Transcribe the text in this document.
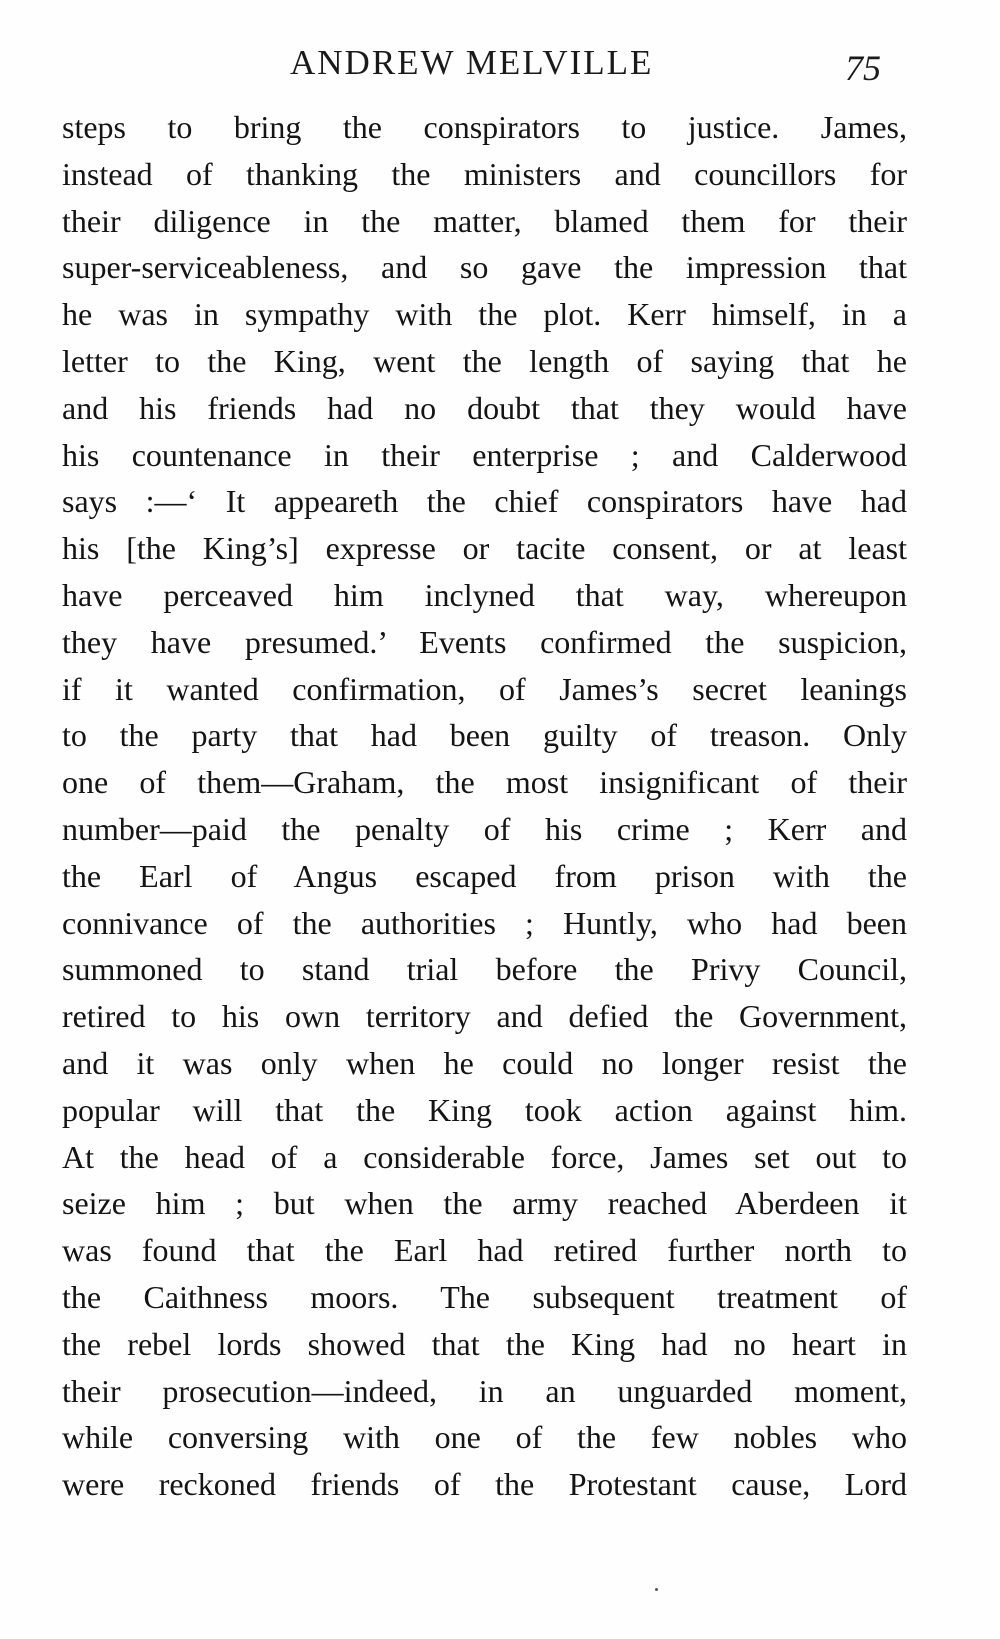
ANDREW MELVILLE	75
steps to bring the conspirators to justice. James,
instead of thanking the ministers and councillors for
their diligence in the matter, blamed them for their
super-serviceableness, and so gave the impression that
he was in sympathy with the plot. Kerr himself, in a
letter to the King, went the length of saying that he
and his friends had no doubt that they would have
his countenance in their enterprise ; and Calderwood
says :—‘ It appeareth the chief conspirators have had
his [the King’s] expresse or tacite consent, or at least
have perceaved him inclyned that way, whereupon
they have presumed.’ Events confirmed the suspicion,
if it wanted confirmation, of James’s secret leanings
to the party that had been guilty of treason. Only
one of them—Graham, the most insignificant of their
number—paid the penalty of his crime ; Kerr and
the Earl of Angus escaped from prison with the
connivance of the authorities ; Huntly, who had been
summoned to stand trial before the Privy Council,
retired to his own territory and defied the Government,
and it was only when he could no longer resist the
popular will that the King took action against him.
At the head of a considerable force, James set out to
seize him ; but when the army reached Aberdeen it
was found that the Earl had retired further north to
the Caithness moors. The subsequent treatment of
the rebel lords showed that the King had no heart in
their prosecution—indeed, in an unguarded moment,
while conversing with one of the few nobles who
were reckoned friends of the Protestant cause, Lord
